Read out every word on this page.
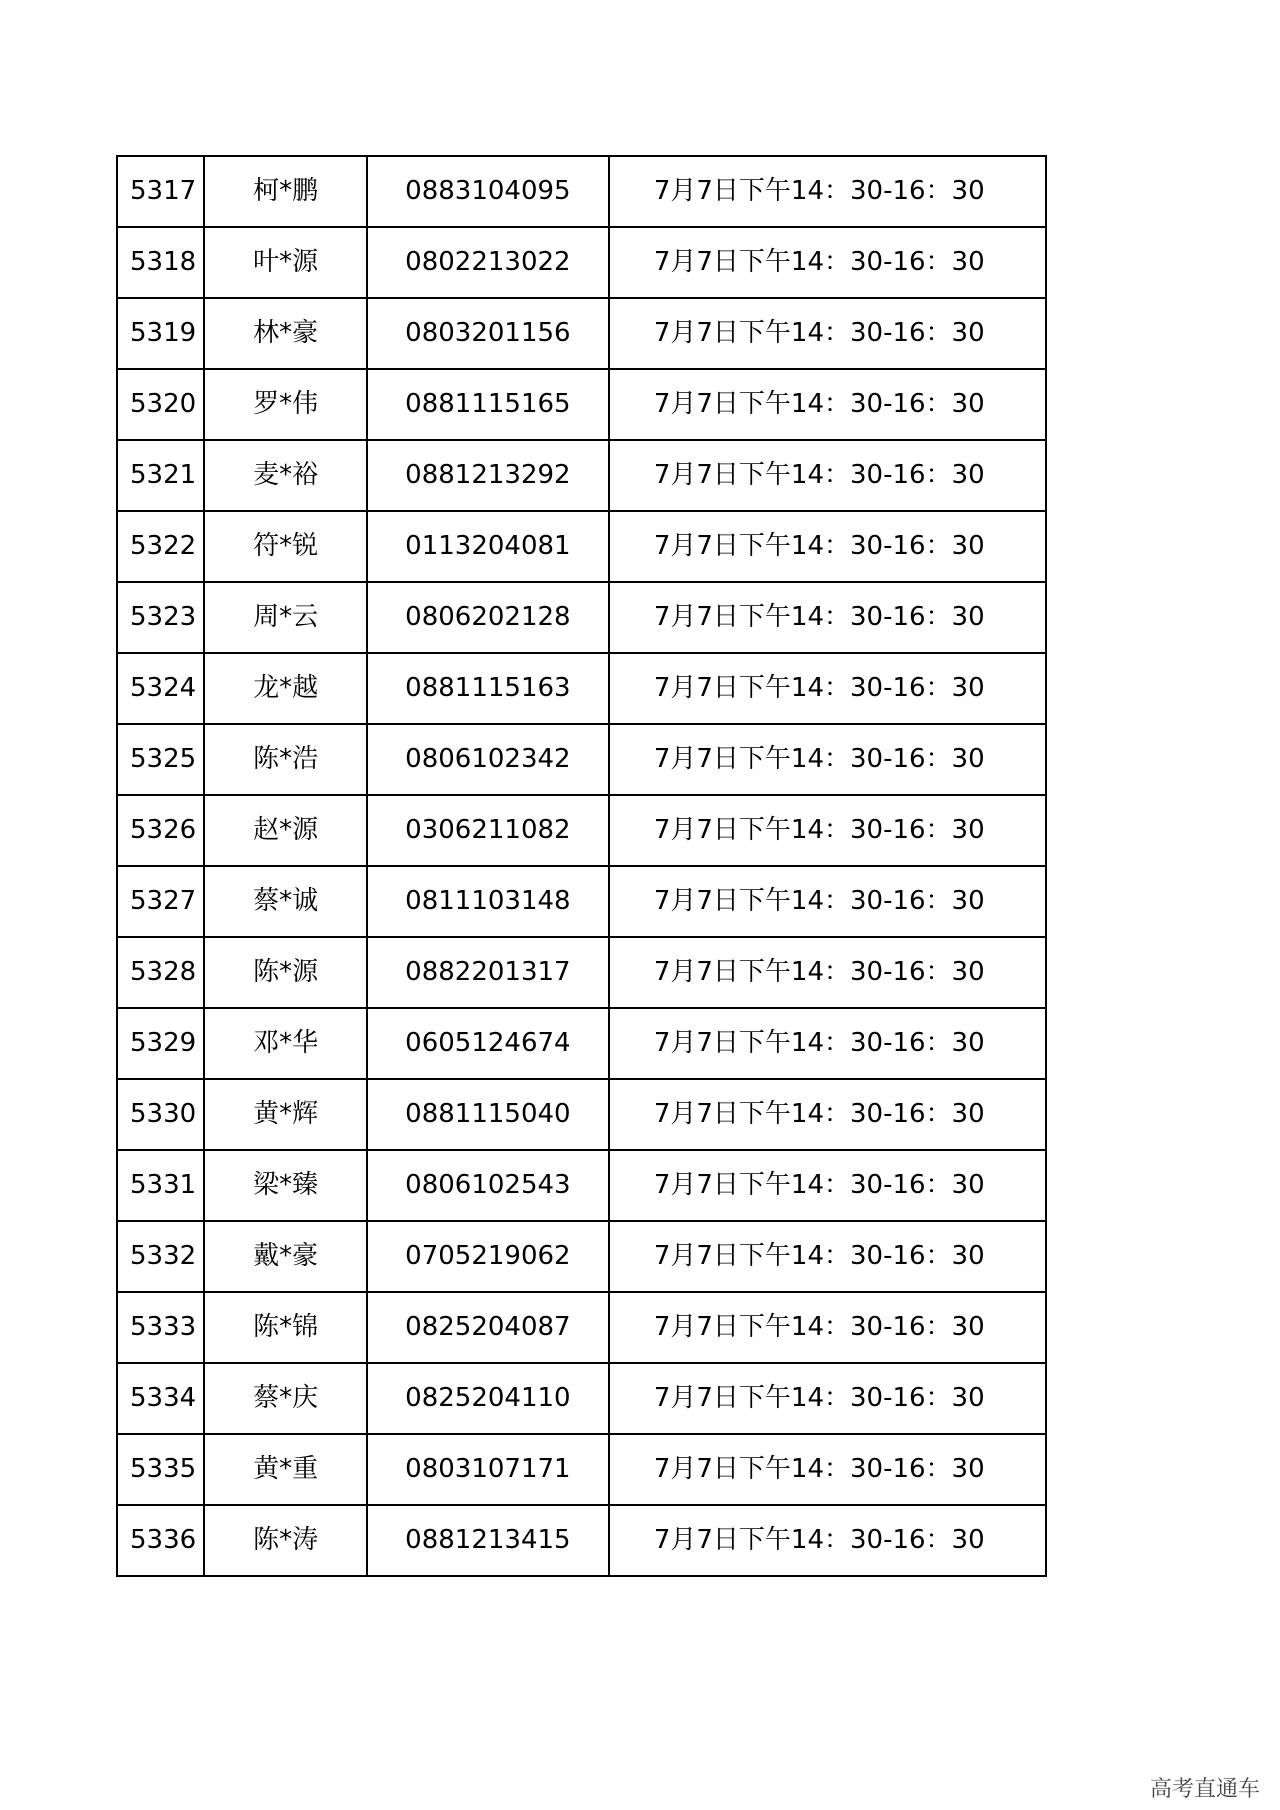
5317	柯*鹏	0883104095	7月7日下午14：30-16：30
5318	叶*源	0802213022	7月7日下午14：30-16：30
5319	林*豪	0803201156	7月7日下午14：30-16：30
5320	罗*伟	0881115165	7月7日下午14：30-16：30
5321	麦*裕	0881213292	7月7日下午14：30-16：30
5322	符*锐	0113204081	7月7日下午14：30-16：30
5323	周*云	0806202128	7月7日下午14：30-16：30
5324	龙*越	0881115163	7月7日下午14：30-16：30
5325	陈*浩	0806102342	7月7日下午14：30-16：30
5326	赵*源	0306211082	7月7日下午14：30-16：30
5327	蔡*诚	0811103148	7月7日下午14：30-16：30
5328	陈*源	0882201317	7月7日下午14：30-16：30
5329	邓*华	0605124674	7月7日下午14：30-16：30
5330	黄*辉	0881115040	7月7日下午14：30-16：30
5331	梁*臻	0806102543	7月7日下午14：30-16：30
5332	戴*豪	0705219062	7月7日下午14：30-16：30
5333	陈*锦	0825204087	7月7日下午14：30-16：30
5334	蔡*庆	0825204110	7月7日下午14：30-16：30
5335	黄*重	0803107171	7月7日下午14：30-16：30
5336	陈*涛	0881213415	7月7日下午14：30-16：30
高考直通车
